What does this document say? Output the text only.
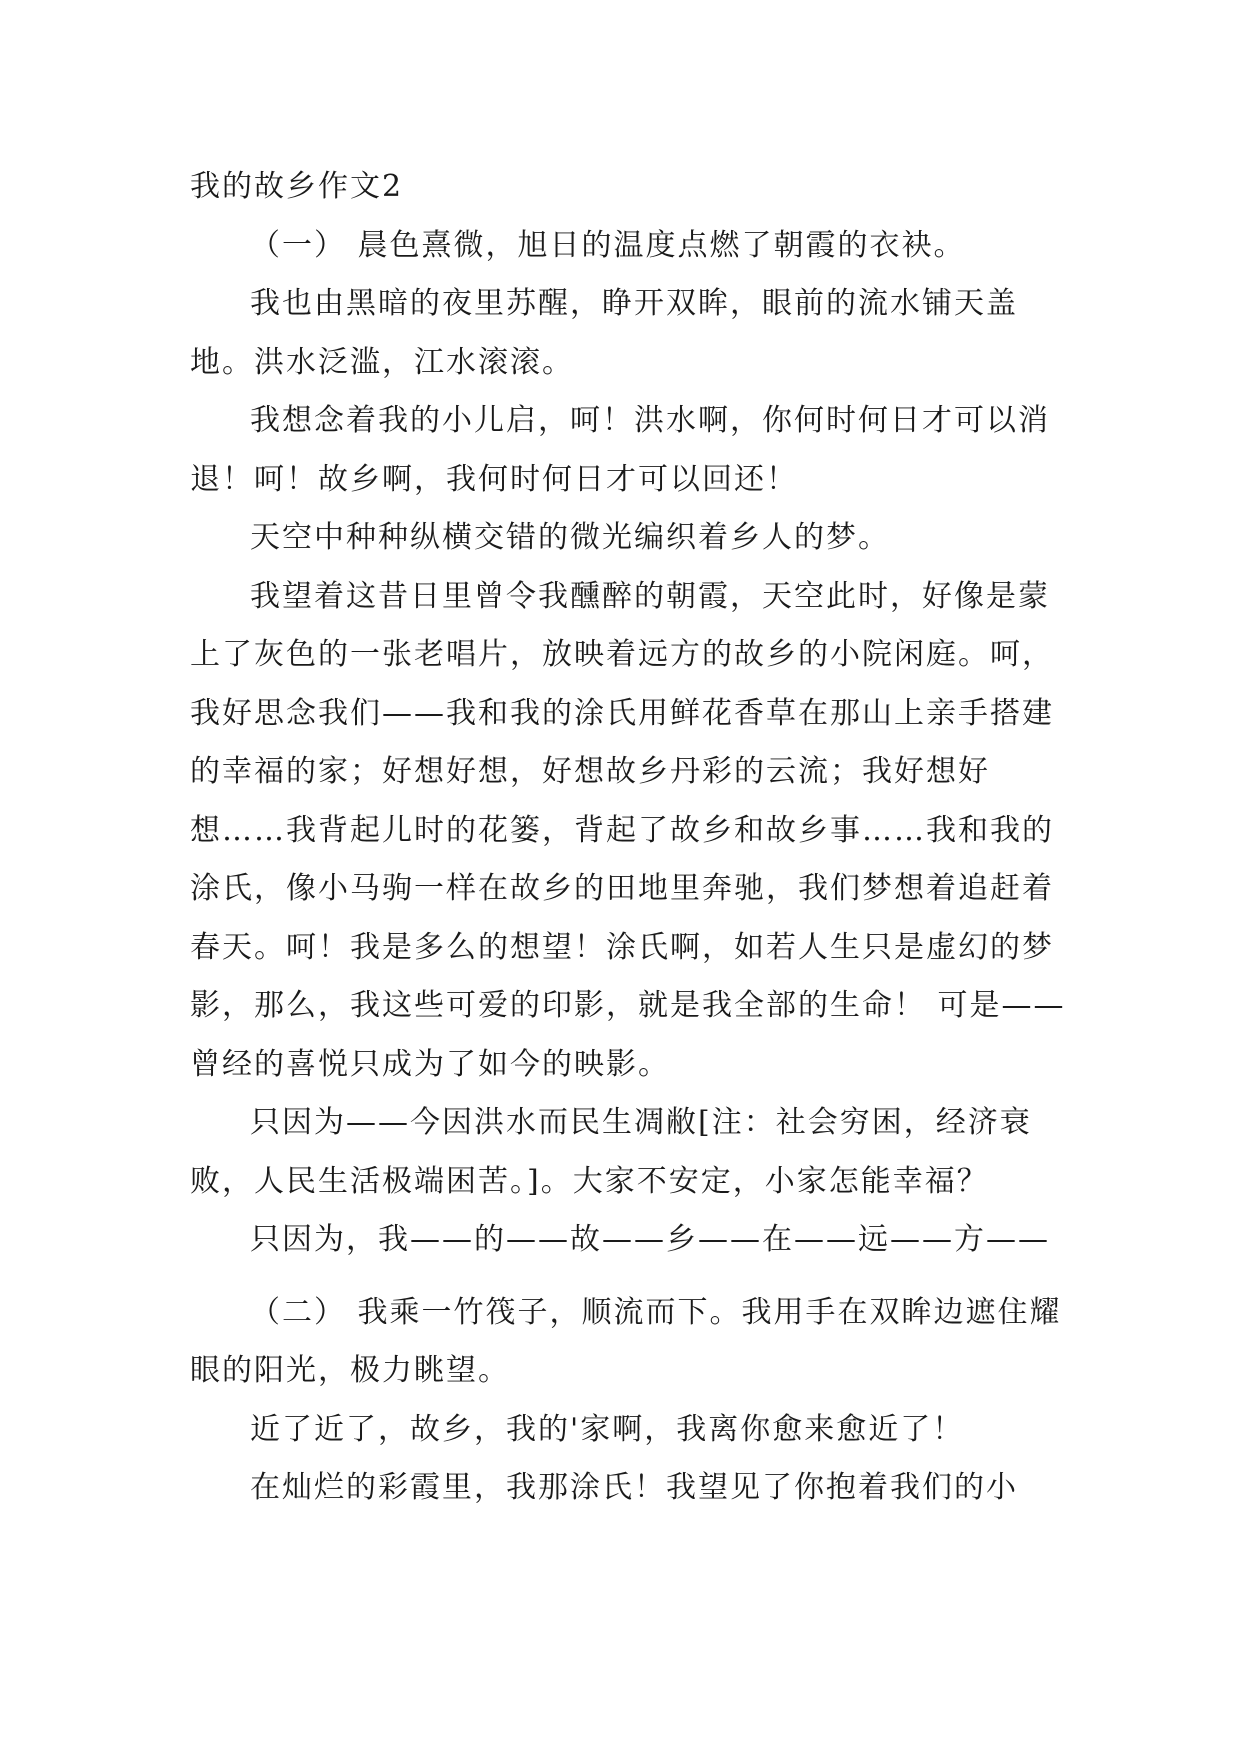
我的故乡作文2

（一） 晨色熹微，旭日的温度点燃了朝霞的衣袂。

我也由黑暗的夜里苏醒，睁开双眸，眼前的流水铺天盖地。洪水泛滥，江水滚滚。

我想念着我的小儿启，呵！洪水啊，你何时何日才可以消退！呵！故乡啊，我何时何日才可以回还！

天空中种种纵横交错的微光编织着乡人的梦。

我望着这昔日里曾令我醺醉的朝霞，天空此时，好像是蒙上了灰色的一张老唱片，放映着远方的故乡的小院闲庭。呵，我好思念我们——我和我的涂氏用鲜花香草在那山上亲手搭建的幸福的家；好想好想，好想故乡丹彩的云流；我好想好想……我背起儿时的花篓，背起了故乡和故乡事……我和我的涂氏，像小马驹一样在故乡的田地里奔驰，我们梦想着追赶着春天。呵！我是多么的想望！涂氏啊，如若人生只是虚幻的梦影，那么，我这些可爱的印影，就是我全部的生命！ 可是——曾经的喜悦只成为了如今的映影。

只因为——今因洪水而民生凋敝[注：社会穷困，经济衰败，人民生活极端困苦。]。大家不安定，小家怎能幸福？

只因为，我——的——故——乡——在——远——方——

（二） 我乘一竹筏子，顺流而下。我用手在双眸边遮住耀眼的阳光，极力眺望。

近了近了，故乡，我的'家啊，我离你愈来愈近了！

在灿烂的彩霞里，我那涂氏！我望见了你抱着我们的小
